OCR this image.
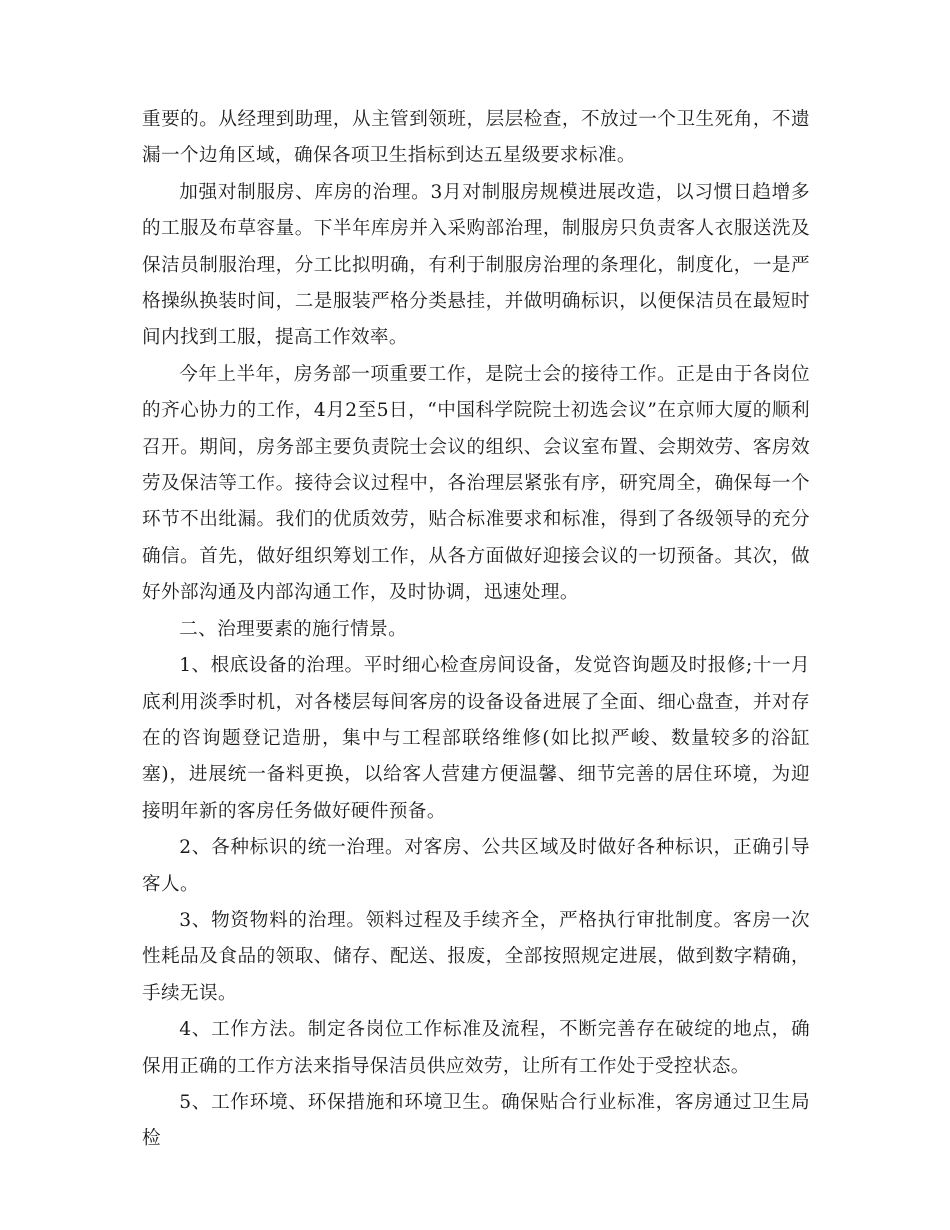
重要的。从经理到助理，从主管到领班，层层检查，不放过一个卫生死角，不遗漏一个边角区域，确保各项卫生指标到达五星级要求标准。

加强对制服房、库房的治理。3月对制服房规模进展改造，以习惯日趋增多的工服及布草容量。下半年库房并入采购部治理，制服房只负责客人衣服送洗及保洁员制服治理，分工比拟明确，有利于制服房治理的条理化，制度化，一是严格操纵换装时间，二是服装严格分类悬挂，并做明确标识，以便保洁员在最短时间内找到工服，提高工作效率。

今年上半年，房务部一项重要工作，是院士会的接待工作。正是由于各岗位的齐心协力的工作，4月2至5日，“中国科学院院士初选会议”在京师大厦的顺利召开。期间，房务部主要负责院士会议的组织、会议室布置、会期效劳、客房效劳及保洁等工作。接待会议过程中，各治理层紧张有序，研究周全，确保每一个环节不出纰漏。我们的优质效劳，贴合标准要求和标准，得到了各级领导的充分确信。首先，做好组织筹划工作，从各方面做好迎接会议的一切预备。其次，做好外部沟通及内部沟通工作，及时协调，迅速处理。

二、治理要素的施行情景。

1、根底设备的治理。平时细心检查房间设备，发觉咨询题及时报修;十一月底利用淡季时机，对各楼层每间客房的设备设备进展了全面、细心盘查，并对存在的咨询题登记造册，集中与工程部联络维修(如比拟严峻、数量较多的浴缸塞)，进展统一备料更换，以给客人营建方便温馨、细节完善的居住环境，为迎接明年新的客房任务做好硬件预备。

2、各种标识的统一治理。对客房、公共区域及时做好各种标识，正确引导客人。

3、物资物料的治理。领料过程及手续齐全，严格执行审批制度。客房一次性耗品及食品的领取、储存、配送、报废，全部按照规定进展，做到数字精确，手续无误。

4、工作方法。制定各岗位工作标准及流程，不断完善存在破绽的地点，确保用正确的工作方法来指导保洁员供应效劳，让所有工作处于受控状态。

5、工作环境、环保措施和环境卫生。确保贴合行业标准，客房通过卫生局检
